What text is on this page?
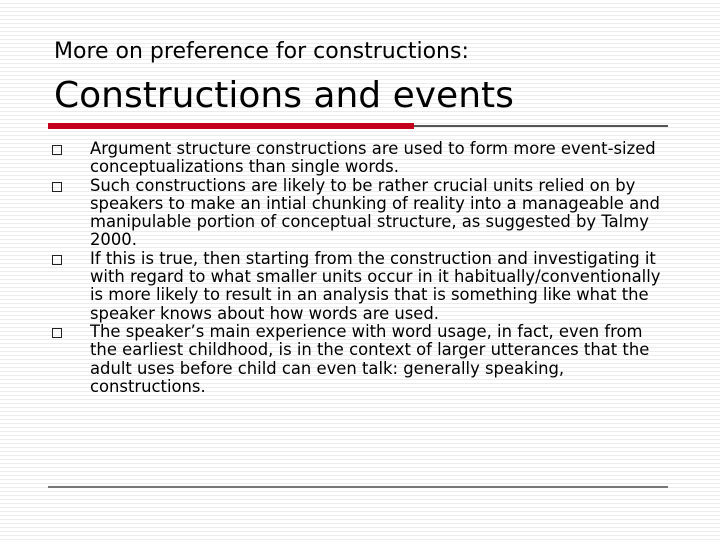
More on preference for constructions:
Constructions and events
Argument structure constructions are used to form more event-sized conceptualizations than single words.
Such constructions are likely to be rather crucial units relied on by speakers to make an intial chunking of reality into a manageable and manipulable portion of conceptual structure, as suggested by Talmy 2000.
If this is true, then starting from the construction and investigating it with regard to what smaller units occur in it habitually/conventionally is more likely to result in an analysis that is something like what the speaker knows about how words are used.
The speaker’s main experience with word usage, in fact, even from the earliest childhood, is in the context of larger utterances that the adult uses before child can even talk: generally speaking, constructions.
